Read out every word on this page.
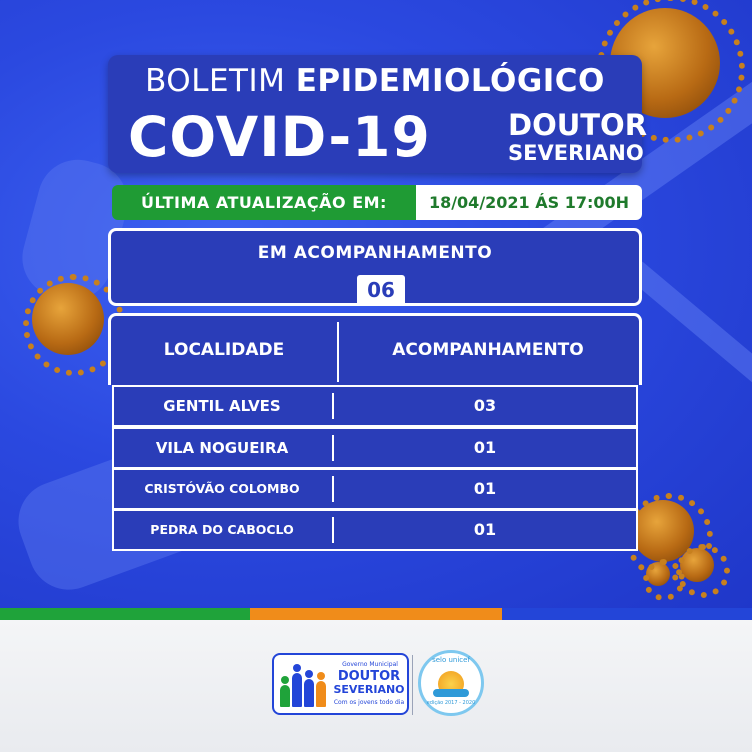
BOLETIM EPIDEMIOLÓGICO
COVID-19	DOUTOR
SEVERIANO
ÚLTIMA ATUALIZAÇÃO EM:	18/04/2021 ÁS 17:00H
EM ACOMPANHAMENTO
06
LOCALIDADE	ACOMPANHAMENTO
GENTIL ALVES	03
VILA NOGUEIRA	01
CRISTÓVÃO COLOMBO	01
PEDRA DO CABOCLO	01
Governo Municipal
DOUTOR
SEVERIANO
Com os jovens todo dia
selo unicef
edição 2017 - 2020
